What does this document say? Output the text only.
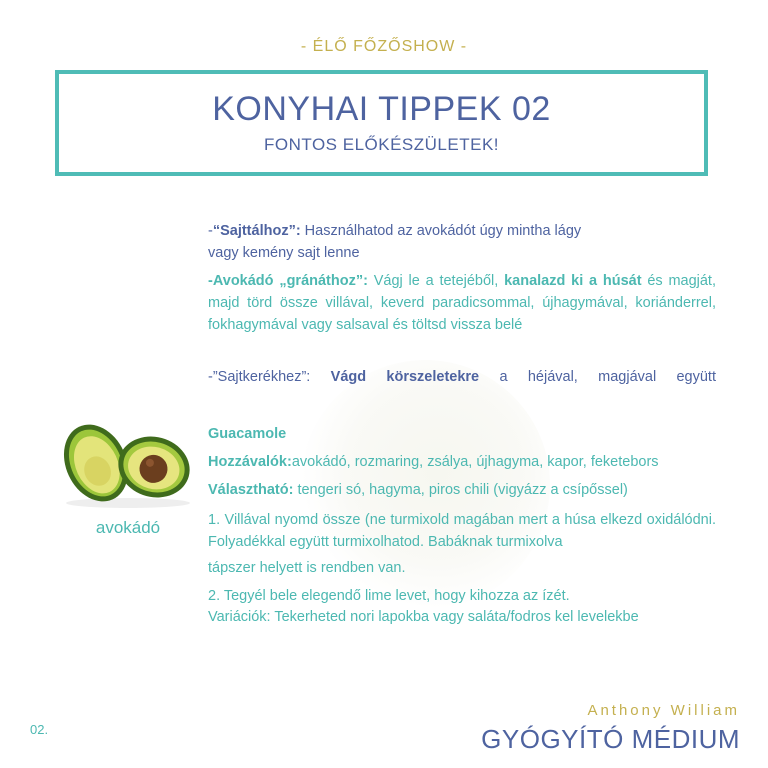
- ÉLŐ FŐZŐSHOW -
KONYHAI TIPPEK 02
FONTOS ELŐKÉSZÜLETEK!
-“Sajttálhoz”: Használhatod az avokádót úgy mintha lágy
vagy kemény sajt lenne
-Avokádó „gránáthoz”: Vágj le a tetejéből, kanalazd ki a húsát és magját, majd törd össze villával, keverd paradicsommal, újhagymával, koriánderrel, fokhagymával vagy salsaval és töltsd vissza belé
-”Sajtkerékhez”: Vágd körszeletekre a héjával, magjával együtt
avokádó
Guacamole
Hozzávalók:avokádó, rozmaring, zsálya, újhagyma, kapor, feketebors
Választható: tengeri só, hagyma, piros chili (vigyázz a csípőssel)
1. Villával nyomd össze (ne turmixold magában mert a húsa elkezd oxidálódni. Folyadékkal együtt turmixolhatod. Babáknak turmixolva
tápszer helyett is rendben van.
2. Tegyél bele elegendő lime levet, hogy kihozza az ízét.
Variációk: Tekerheted nori lapokba vagy saláta/fodros kel levelekbe
02.
Anthony William
GYÓGYÍTÓ MÉDIUM
